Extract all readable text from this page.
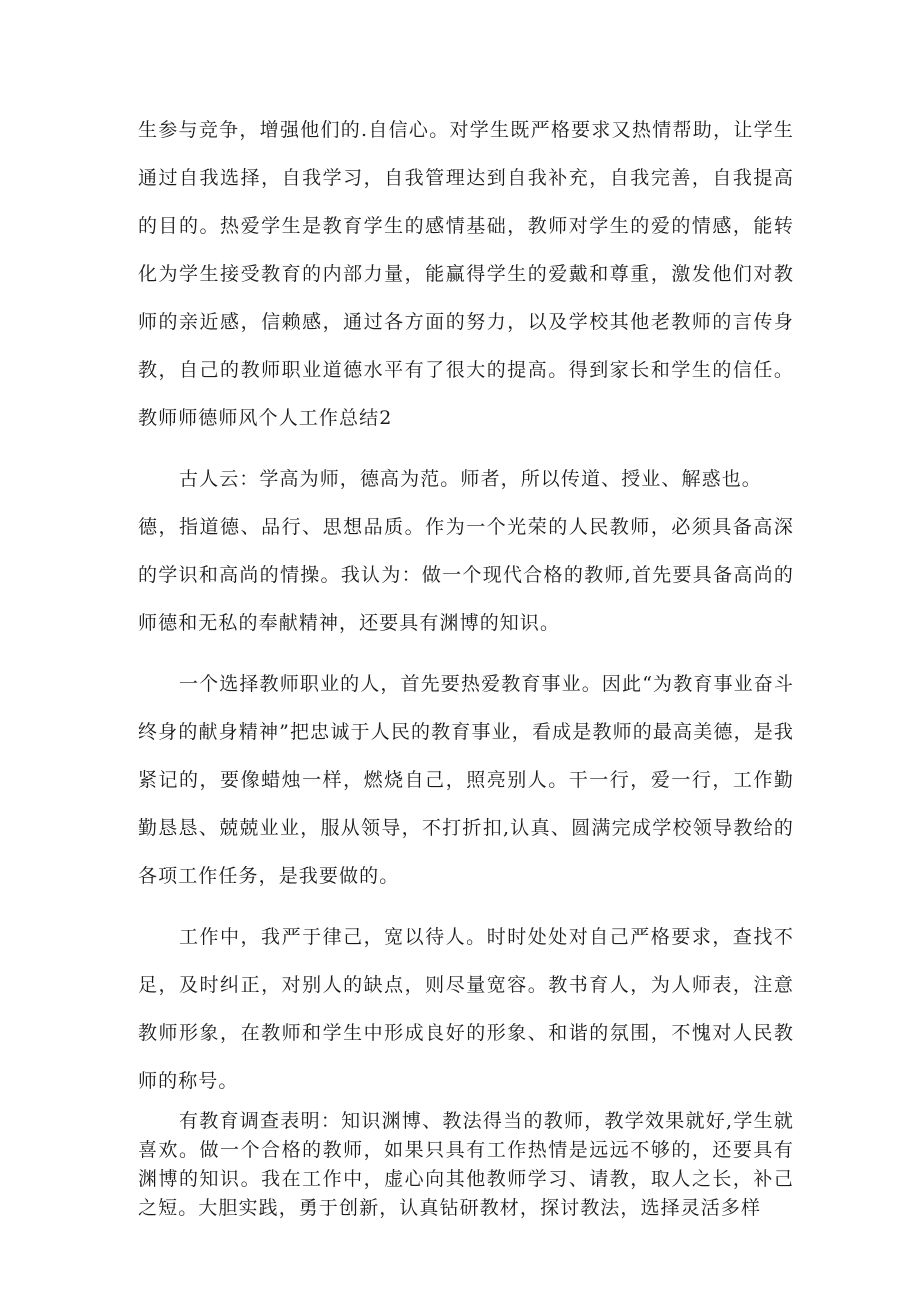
生参与竞争，增强他们的.自信心。对学生既严格要求又热情帮助，让学生通过自我选择，自我学习，自我管理达到自我补充，自我完善，自我提高的目的。热爱学生是教育学生的感情基础，教师对学生的爱的情感，能转化为学生接受教育的内部力量，能赢得学生的爱戴和尊重，激发他们对教师的亲近感，信赖感，通过各方面的努力，以及学校其他老教师的言传身教，自己的教师职业道德水平有了很大的提高。得到家长和学生的信任。教师师德师风个人工作总结2

古人云：学高为师，德高为范。师者，所以传道、授业、解惑也。

德，指道德、品行、思想品质。作为一个光荣的人民教师，必须具备高深的学识和高尚的情操。我认为：做一个现代合格的教师,首先要具备高尚的师德和无私的奉献精神，还要具有渊博的知识。

一个选择教师职业的人，首先要热爱教育事业。因此“为教育事业奋斗终身的献身精神”把忠诚于人民的教育事业，看成是教师的最高美德，是我紧记的，要像蜡烛一样，燃烧自己，照亮别人。干一行，爱一行，工作勤勤恳恳、兢兢业业，服从领导，不打折扣,认真、圆满完成学校领导教给的各项工作任务，是我要做的。

工作中，我严于律己，宽以待人。时时处处对自己严格要求，查找不足，及时纠正，对别人的缺点，则尽量宽容。教书育人，为人师表，注意教师形象，在教师和学生中形成良好的形象、和谐的氛围，不愧对人民教师的称号。

有教育调查表明：知识渊博、教法得当的教师，教学效果就好,学生就喜欢。做一个合格的教师，如果只具有工作热情是远远不够的，还要具有渊博的知识。我在工作中，虚心向其他教师学习、请教，取人之长，补己之短。大胆实践，勇于创新，认真钻研教材，探讨教法，选择灵活多样
